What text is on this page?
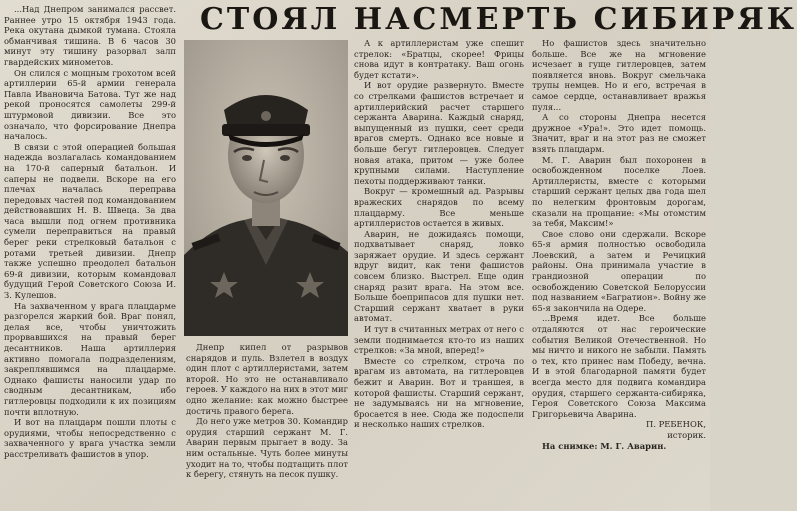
СТОЯЛ НАСМЕРТЬ СИБИРЯК

...Над Днепром занимался рассвет. Раннее утро 15 октября 1943 года. Река окутана дымкой тумана. Стояла обманчивая тишина. В 6 часов 30 минут эту тишину разорвал залп гвардейских минометов.

Он слился с мощным грохотом всей артиллерии 65-й армии генерала Павла Ивановича Батова. Тут же над рекой проносятся самолеты 299-й штурмовой дивизии. Все это означало, что форсирование Днепра началось.

В связи с этой операцией большая надежда возлагалась командованием на 170-й саперный батальон. И саперы не подвели. Вскоре на его плечах началась переправа передовых частей под командованием действовавших Н. В. Швеца. За два часа вышли под огнем противника сумели переправиться на правый берег реки стрелковый батальон с ротами третьей дивизии. Днепр также успешно преодолел батальон 69-й дивизии, которым командовал будущий Герой Советского Союза И. З. Кулешов.

На захваченном у врага плацдарме разгорелся жаркий бой. Враг понял, делая все, чтобы уничтожить прорвавшихся на правый берег десантников. Наша артиллерия активно помогала подразделениям, закреплявшимся на плацдарме. Однако фашисты наносили удар по сводным десантникам, ибо гитлеровцы подходили к их позициям почти вплотную.

И вот на плацдарм пошли плоты с орудиями, чтобы непосредственно с захваченного у врага участка земли расстреливать фашистов в упор.

Днепр кипел от разрывов снарядов и пуль. Взлетел в воздух один плот с артиллеристами, затем второй. Но это не останавливало героев. У каждого на них в этот миг одно желание: как можно быстрее достичь правого берега.

До него уже метров 30. Командир орудия старший сержант М. Г. Аварин первым прыгает в воду. За ним остальные. Чуть более минуты уходит на то, чтобы подтащить плот к берегу, стянуть на песок пушку.

А к артиллеристам уже спешит стрелок: «Братцы, скорее! Фрицы снова идут в контратаку. Ваш огонь будет кстати».

И вот орудие развернуто. Вместе со стрелками фашистов встречает и артиллерийский расчет старшего сержанта Аварина. Каждый снаряд, выпущенный из пушки, сеет среди врагов смерть. Однако все новые и больше бегут гитлеровцев. Следует новая атака, притом — уже более крупными силами. Наступление пехоты поддерживают танки.

Вокруг — кромешный ад. Разрывы вражеских снарядов по всему плацдарму. Все меньше артиллеристов остается в живых.

Аварин, не дожидаясь помощи, подхватывает снаряд, ловко заряжает орудие. И здесь сержант вдруг видит, как тени фашистов совсем близко. Выстрел. Еще один снаряд разит врага. На этом все. Больше боеприпасов для пушки нет. Старший сержант хватает в руки автомат.

И тут в считанных метрах от него с земли поднимается кто-то из наших стрелков: «За мной, вперед!»

Вместе со стрелком, строча по врагам из автомата, на гитлеровцев бежит и Аварин. Вот и траншея, в которой фашисты. Старший сержант, не задумываясь ни на мгновение, бросается в нее. Сюда же подоспели и несколько наших стрелков.

Но фашистов здесь значительно больше. Все же на мгновение исчезает в гуще гитлеровцев, затем появляется вновь. Вокруг смельчака трупы немцев. Но и его, встречая в самое сердце, останавливает вражья пуля...

А со стороны Днепра несется дружное «Ура!». Это идет помощь. Значит, враг и на этот раз не сможет взять плацдарм.

М. Г. Аварин был похоронен в освобожденном поселке Лоев. Артиллеристы, вместе с которыми старший сержант целых два года шел по нелегким фронтовым дорогам, сказали на прощание: «Мы отомстим за тебя, Максим!»

Свое слово они сдержали. Вскоре 65-я армия полностью освободила Лоевский, а затем и Речицкий районы. Она принимала участие в грандиозной операции по освобождению Советской Белоруссии под названием «Багратион». Войну же 65-я закончила на Одере.

...Время идет. Все больше отдаляются от нас героические события Великой Отечественной. Но мы ничто и никого не забыли. Память о тех, кто принес нам Победу, вечна. И в этой благодарной памяти будет всегда место для подвига командира орудия, старшего сержанта-сибиряка, Героя Советского Союза Максима Григорьевича Аварина.

П. РЕБЕНОК,

историк.

На снимке: М. Г. Аварин.
